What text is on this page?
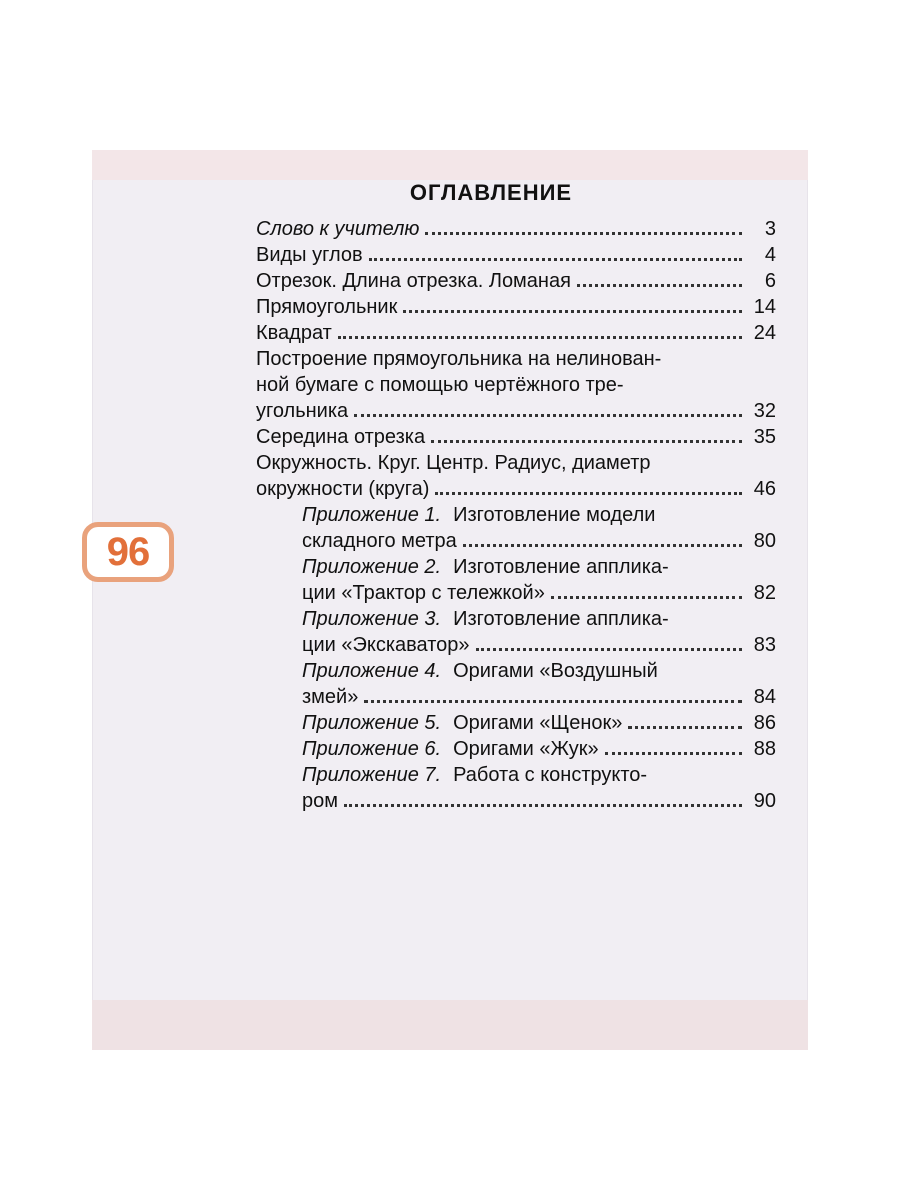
96
ОГЛАВЛЕНИЕ
Слово к учителю	3
Виды углов	4
Отрезок. Длина отрезка. Ломаная	6
Прямоугольник	14
Квадрат	24
Построение прямоугольника на нелинован-
ной бумаге с помощью чертёжного тре-
угольника	32
Середина отрезка	35
Окружность. Круг. Центр. Радиус, диаметр
окружности (круга)	46
Приложение 1. Изготовление модели
складного метра	80
Приложение 2. Изготовление апплика-
ции «Трактор с тележкой»	82
Приложение 3. Изготовление апплика-
ции «Экскаватор»	83
Приложение 4. Оригами «Воздушный
змей»	84
Приложение 5. Оригами «Щенок»	86
Приложение 6. Оригами «Жук»	88
Приложение 7. Работа с конструкто-
ром	90
